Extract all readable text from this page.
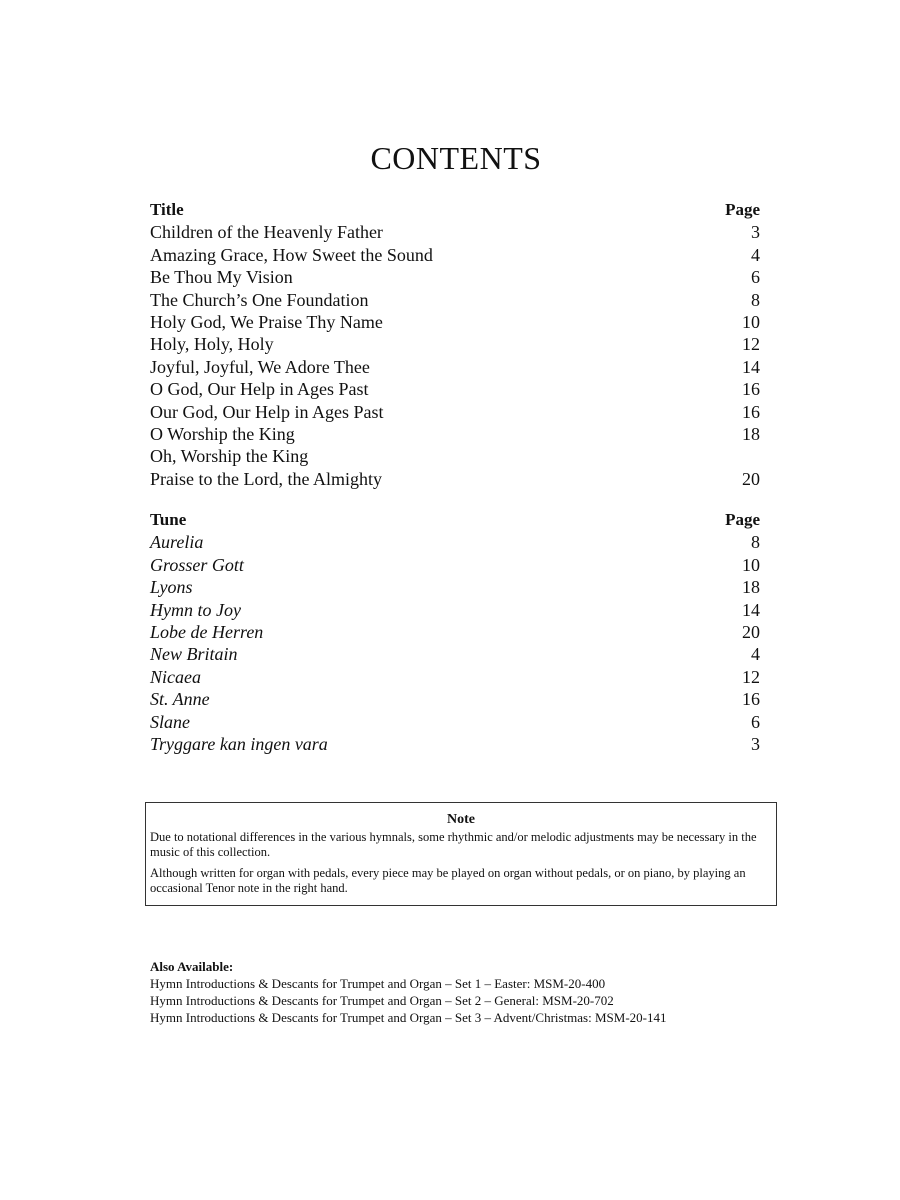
CONTENTS
Title	Page
Children of the Heavenly Father	3
Amazing Grace, How Sweet the Sound	4
Be Thou My Vision	6
The Church’s One Foundation	8
Holy God, We Praise Thy Name	10
Holy, Holy, Holy	12
Joyful, Joyful, We Adore Thee	14
O God, Our Help in Ages Past	16
Our God, Our Help in Ages Past	16
O Worship the King	18
Oh, Worship the King
Praise to the Lord, the Almighty	20
Tune	Page
Aurelia	8
Grosser Gott	10
Lyons	18
Hymn to Joy	14
Lobe de Herren	20
New Britain	4
Nicaea	12
St. Anne	16
Slane	6
Tryggare kan ingen vara	3
Note

Due to notational differences in the various hymnals, some rhythmic and/or melodic adjustments may be necessary in the music of this collection.

Although written for organ with pedals, every piece may be played on organ without pedals, or on piano, by playing an occasional Tenor note in the right hand.

Also Available:
Hymn Introductions & Descants for Trumpet and Organ – Set 1 – Easter: MSM-20-400
Hymn Introductions & Descants for Trumpet and Organ – Set 2 – General: MSM-20-702
Hymn Introductions & Descants for Trumpet and Organ – Set 3 – Advent/Christmas: MSM-20-141
